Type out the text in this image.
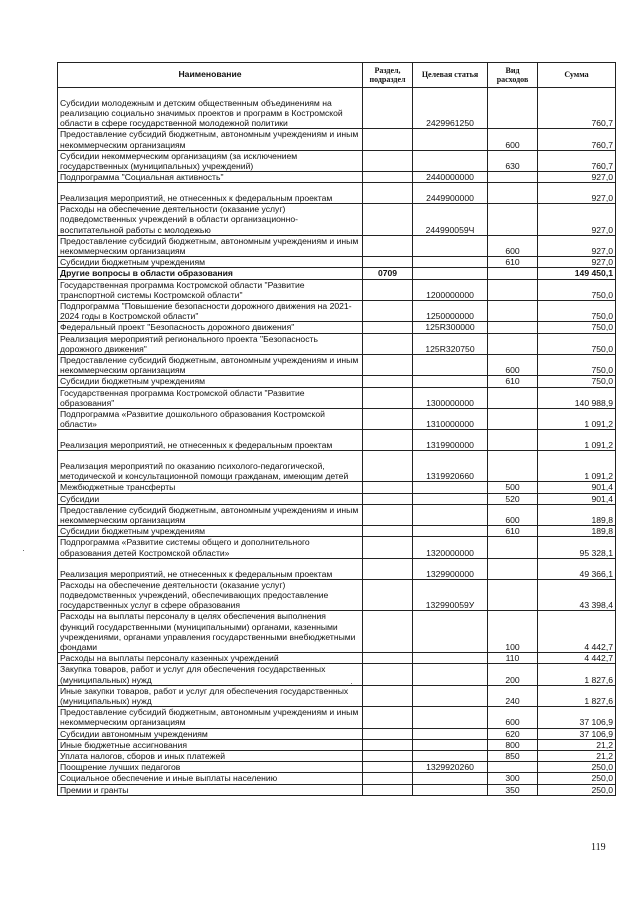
Наименование	Раздел, подраздел	Целевая статья	Вид расходов	Сумма
Субсидии молодежным и детским общественным объединениям на реализацию социально значимых проектов и программ в Костромской области в сфере государственной молодежной политики		2429961250		760,7
Предоставление субсидий бюджетным, автономным учреждениям и иным некоммерческим организациям			600	760,7
Субсидии некоммерческим организациям (за исключением государственных (муниципальных) учреждений)			630	760,7
Подпрограмма "Социальная активность"		2440000000		927,0
Реализация мероприятий, не отнесенных к федеральным проектам		2449900000		927,0
Расходы на обеспечение деятельности (оказание услуг) подведомственных учреждений в области организационно-воспитательной работы с молодежью		244990059Ч		927,0
Предоставление субсидий бюджетным, автономным учреждениям и иным некоммерческим организациям			600	927,0
Субсидии бюджетным учреждениям			610	927,0
Другие вопросы в области образования	0709			149 450,1
Государственная программа Костромской области "Развитие транспортной системы Костромской области"		1200000000		750,0
Подпрограмма "Повышение безопасности дорожного движения на 2021-2024 годы в Костромской области"		1250000000		750,0
Федеральный проект "Безопасность дорожного движения"		125R300000		750,0
Реализация мероприятий регионального проекта "Безопасность дорожного движения"		125R320750		750,0
Предоставление субсидий бюджетным, автономным учреждениям и иным некоммерческим организациям			600	750,0
Субсидии бюджетным учреждениям			610	750,0
Государственная программа Костромской области "Развитие образования"		1300000000		140 988,9
Подпрограмма «Развитие дошкольного образования Костромской области»		1310000000		1 091,2
Реализация мероприятий, не отнесенных к федеральным проектам		1319900000		1 091,2
Реализация мероприятий по оказанию психолого-педагогической, методической и консультационной помощи гражданам, имеющим детей		1319920660		1 091,2
Межбюджетные трансферты			500	901,4
Субсидии			520	901,4
Предоставление субсидий бюджетным, автономным учреждениям и иным некоммерческим организациям			600	189,8
Субсидии бюджетным учреждениям			610	189,8
Подпрограмма «Развитие системы общего и дополнительного образования детей Костромской области»		1320000000		95 328,1
Реализация мероприятий, не отнесенных к федеральным проектам		1329900000		49 366,1
Расходы на обеспечение деятельности (оказание услуг) подведомственных учреждений, обеспечивающих предоставление государственных услуг в сфере образования		132990059У		43 398,4
Расходы на выплаты персоналу в целях обеспечения выполнения функций государственными (муниципальными) органами, казенными учреждениями, органами управления государственными внебюджетными фондами			100	4 442,7
Расходы на выплаты персоналу казенных учреждений			110	4 442,7
Закупка товаров, работ и услуг для обеспечения государственных (муниципальных) нужд			200	1 827,6
Иные закупки товаров, работ и услуг для обеспечения государственных (муниципальных) нужд			240	1 827,6
Предоставление субсидий бюджетным, автономным учреждениям и иным некоммерческим организациям			600	37 106,9
Субсидии автономным учреждениям			620	37 106,9
Иные бюджетные ассигнования			800	21,2
Уплата налогов, сборов и иных платежей			850	21,2
Поощрение лучших педагогов		1329920260		250,0
Социальное обеспечение и иные выплаты населению			300	250,0
Премии и гранты			350	250,0
119
·
·
